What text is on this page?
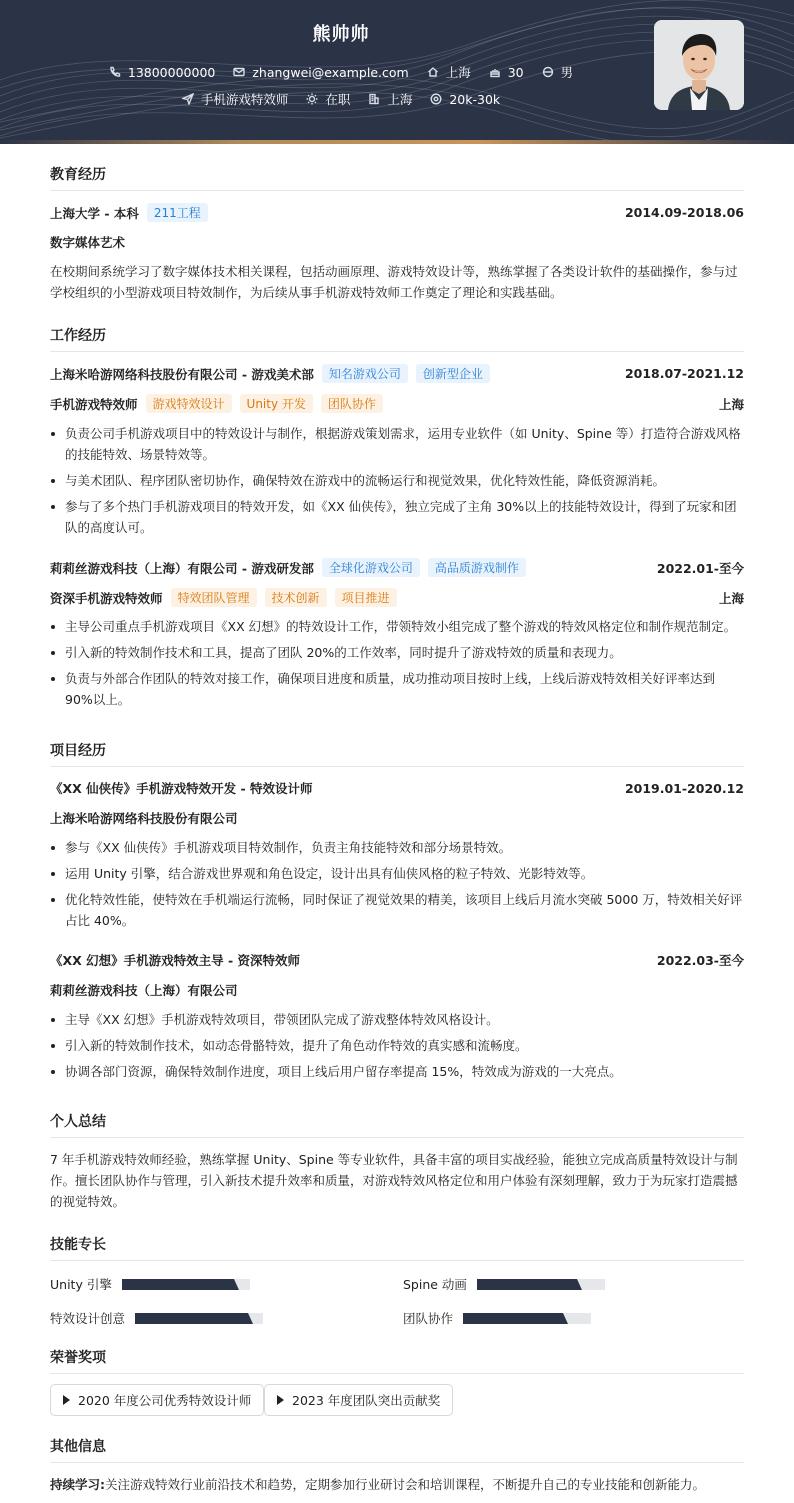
熊帅帅
13800000000
	zhangwei@example.com
	上海
	30
	男
手机游戏特效师
	在职
	上海
	20k-30k
教育经历
上海大学 - 本科	211工程	2014.09-2018.06
数字媒体艺术
在校期间系统学习了数字媒体技术相关课程，包括动画原理、游戏特效设计等，熟练掌握了各类设计软件的基础操作，参与过学校组织的小型游戏项目特效制作，为后续从事手机游戏特效师工作奠定了理论和实践基础。
工作经历
上海米哈游网络科技股份有限公司 - 游戏美术部	知名游戏公司	创新型企业	2018.07-2021.12
手机游戏特效师	游戏特效设计	Unity 开发	团队协作	上海
负责公司手机游戏项目中的特效设计与制作，根据游戏策划需求，运用专业软件（如 Unity、Spine 等）打造符合游戏风格的技能特效、场景特效等。
与美术团队、程序团队密切协作，确保特效在游戏中的流畅运行和视觉效果，优化特效性能，降低资源消耗。
参与了多个热门手机游戏项目的特效开发，如《XX 仙侠传》，独立完成了主角 30%以上的技能特效设计，得到了玩家和团队的高度认可。
莉莉丝游戏科技（上海）有限公司 - 游戏研发部	全球化游戏公司	高品质游戏制作	2022.01-至今
资深手机游戏特效师	特效团队管理	技术创新	项目推进	上海
主导公司重点手机游戏项目《XX 幻想》的特效设计工作，带领特效小组完成了整个游戏的特效风格定位和制作规范制定。
引入新的特效制作技术和工具，提高了团队 20%的工作效率，同时提升了游戏特效的质量和表现力。
负责与外部合作团队的特效对接工作，确保项目进度和质量，成功推动项目按时上线，上线后游戏特效相关好评率达到 90%以上。
项目经历
《XX 仙侠传》手机游戏特效开发 - 特效设计师	2019.01-2020.12
上海米哈游网络科技股份有限公司
参与《XX 仙侠传》手机游戏项目特效制作，负责主角技能特效和部分场景特效。
运用 Unity 引擎，结合游戏世界观和角色设定，设计出具有仙侠风格的粒子特效、光影特效等。
优化特效性能，使特效在手机端运行流畅，同时保证了视觉效果的精美，该项目上线后月流水突破 5000 万，特效相关好评占比 40%。
《XX 幻想》手机游戏特效主导 - 资深特效师	2022.03-至今
莉莉丝游戏科技（上海）有限公司
主导《XX 幻想》手机游戏特效项目，带领团队完成了游戏整体特效风格设计。
引入新的特效制作技术，如动态骨骼特效，提升了角色动作特效的真实感和流畅度。
协调各部门资源，确保特效制作进度，项目上线后用户留存率提高 15%，特效成为游戏的一大亮点。
个人总结
7 年手机游戏特效师经验，熟练掌握 Unity、Spine 等专业软件，具备丰富的项目实战经验，能独立完成高质量特效设计与制作。擅长团队协作与管理，引入新技术提升效率和质量，对游戏特效风格定位和用户体验有深刻理解，致力于为玩家打造震撼的视觉特效。
技能专长
Unity 引擎	Spine 动画
特效设计创意	团队协作
荣誉奖项
2020 年度公司优秀特效设计师	2023 年度团队突出贡献奖
其他信息
持续学习:关注游戏特效行业前沿技术和趋势，定期参加行业研讨会和培训课程，不断提升自己的专业技能和创新能力。
